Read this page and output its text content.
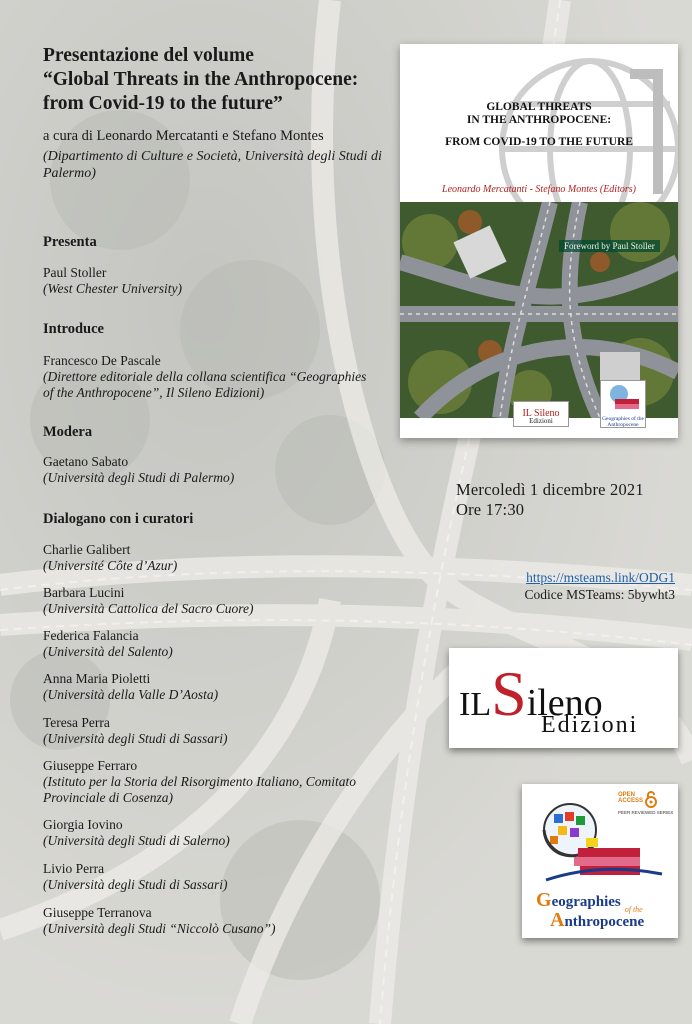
Presentazione del volume
“Global Threats in the Anthropocene:
from Covid-19 to the future”
a cura di Leonardo Mercatanti e Stefano Montes
(Dipartimento di Culture e Società, Università degli Studi di Palermo)
Presenta
Paul Stoller
(West Chester University)
Introduce
Francesco De Pascale
(Direttore editoriale della collana scientifica “Geographies of the Anthropocene”, Il Sileno Edizioni)
Modera
Gaetano Sabato
(Università degli Studi di Palermo)
Dialogano con i curatori
Charlie Galibert
(Université Côte d’Azur)
Barbara Lucini
(Università Cattolica del Sacro Cuore)
Federica Falancia
(Università del Salento)
Anna Maria Pioletti
(Università della Valle D’Aosta)
Teresa Perra
(Università degli Studi di Sassari)
Giuseppe Ferraro
(Istituto per la Storia del Risorgimento Italiano, Comitato Provinciale di Cosenza)
Giorgia Iovino
(Università degli Studi di Salerno)
Livio Perra
(Università degli Studi di Sassari)
Giuseppe Terranova
(Università degli Studi “Niccolò Cusano”)
GLOBAL THREATS
IN THE ANTHROPOCENE:
FROM COVID-19 TO THE FUTURE
Leonardo Mercatanti - Stefano Montes (Editors)
Foreword by Paul Stoller
IL Sileno
Edizioni	Geographies of the
Anthropocene
Mercoledì 1 dicembre 2021
Ore 17:30
https://msteams.link/ODG1
Codice MSTeams: 5bywht3
ILSileno
Edizioni
OPEN
ACCESS
PEER REVIEWED SERIES
Geographies $_{of the}$
Anthropocene
